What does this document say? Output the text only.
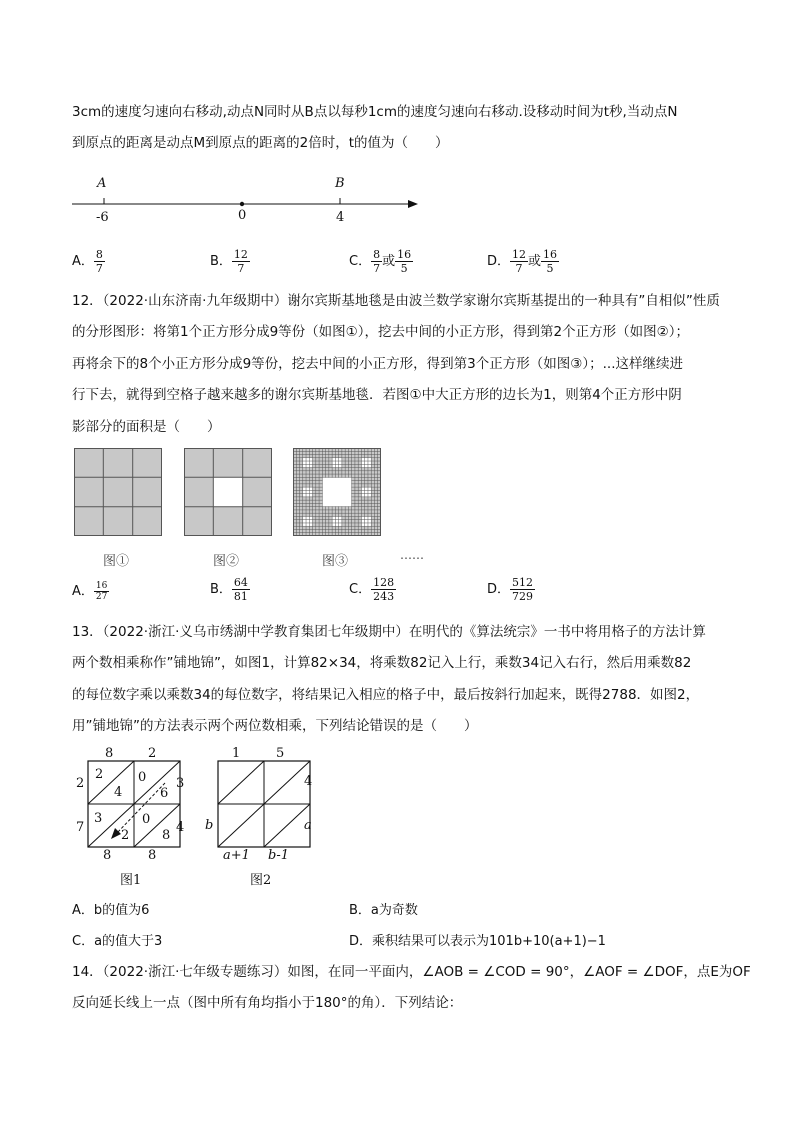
3cm的速度匀速向右移动,动点N同时从B点以每秒1cm的速度匀速向右移动.设移动时间为t秒,当动点N
到原点的距离是动点M到原点的距离的2倍时，t的值为（　　）
A	B
-6	0	4
A． $\frac{8}{7}$	B． $\frac{12}{7}$	C． $\frac{8}{7}$ 或 $\frac{16}{5}$	D． $\frac{12}{7}$ 或 $\frac{16}{5}$
12．（2022·山东济南·九年级期中）谢尔宾斯基地毯是由波兰数学家谢尔宾斯基提出的一种具有”自相似”性质
的分形图形：将第1个正方形分成9等份（如图①），挖去中间的小正方形，得到第2个正方形（如图②）；
再将余下的8个小正方形分成9等份，挖去中间的小正方形，得到第3个正方形（如图③）；...这样继续进
行下去，就得到空格子越来越多的谢尔宾斯基地毯．若图①中大正方形的边长为1，则第4个正方形中阴
影部分的面积是（　　）
图①	图②	图③	……
A． $\frac{16}{27}$	B． $\frac{64}{81}$	C． $\frac{128}{243}$	D． $\frac{512}{729}$
13．（2022·浙江·义乌市绣湖中学教育集团七年级期中）在明代的《算法统宗》一书中将用格子的方法计算
两个数相乘称作”铺地锦”，如图1，计算82×34，将乘数82记入上行，乘数34记入右行，然后用乘数82
的每位数字乘以乘数34的每位数字，将结果记入相应的格子中，最后按斜行加起来，既得2788．如图2，
用”铺地锦”的方法表示两个两位数相乘，下列结论错误的是（　　）
8	2
2
7
3
4
2
4
0
6
3
2
0
8
8	8
图1
1	5
b
4
a
a+1 b-1
图2
A．b的值为6	B．a为奇数
C．a的值大于3	D．乘积结果可以表示为101b+10(a+1)−1
14．（2022·浙江·七年级专题练习）如图，在同一平面内，∠AOB = ∠COD = 90°，∠AOF = ∠DOF，点E为OF
反向延长线上一点（图中所有角均指小于180°的角）．下列结论：
